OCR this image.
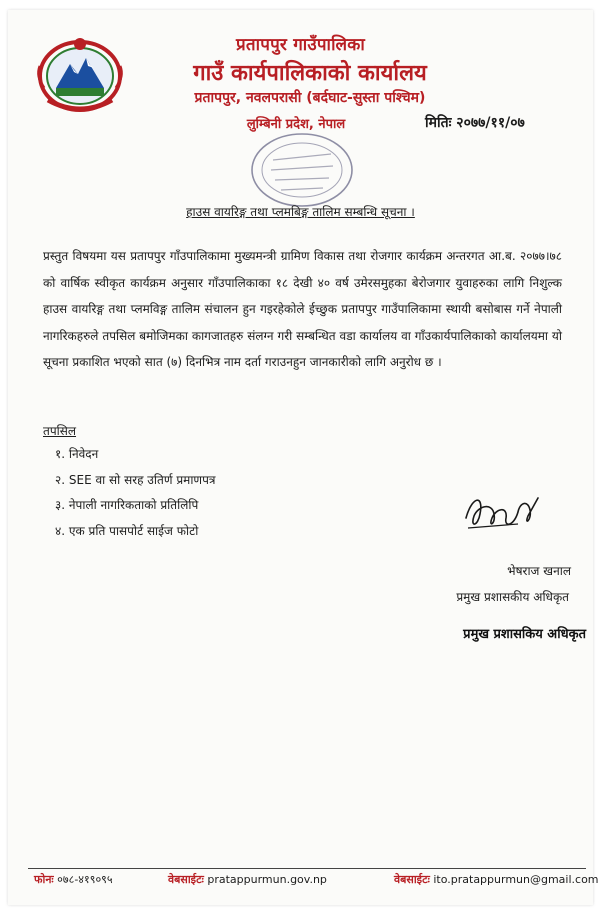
प्रतापपुर गाउँपालिका
गाउँ कार्यपालिकाको कार्यालय
प्रतापपुर, नवलपरासी (बर्दघाट-सुस्ता पश्चिम)
लुम्बिनी प्रदेश, नेपाल	मितिः २०७७/११/०७
हाउस वायरिङ्ग तथा प्लमबिङ्ग तालिम सम्बन्धि सूचना ।
प्रस्तुत विषयमा यस प्रतापपुर गाँउपालिकामा मुख्यमन्त्री ग्रामिण विकास तथा रोजगार कार्यक्रम अन्तरगत आ.ब. २०७७।७८ को वार्षिक स्वीकृत कार्यक्रम अनुसार गाँउपालिकाका १८ देखी ४० वर्ष उमेरसमुहका बेरोजगार युवाहरुका लागि निशुल्क हाउस वायरिङ्ग तथा प्लमविङ्ग तालिम संचालन हुन गइरहेकोले ईच्छुक प्रतापपुर गाउँपालिकामा स्थायी बसोबास गर्ने नेपाली नागरिकहरुले तपसिल बमोजिमका कागजातहरु संलग्न गरी सम्बन्धित वडा कार्यालय वा गाँउकार्यपालिकाको कार्यालयमा यो सूचना प्रकाशित भएको सात (७) दिनभित्र नाम दर्ता गराउनहुन जानकारीको लागि अनुरोध छ ।
तपसिल
१. निवेदन
२. SEE वा सो सरह उतिर्ण प्रमाणपत्र
३. नेपाली नागरिकताको प्रतिलिपि
४. एक प्रति पासपोर्ट साईज फोटो
भेषराज खनाल
प्रमुख प्रशासकीय अधिकृत
प्रमुख प्रशासकिय अधिकृत
फोनः ०७८-४१९०९५	वेबसाईटः pratappurmun.gov.np	वेबसाईटः ito.pratappurmun@gmail.com
